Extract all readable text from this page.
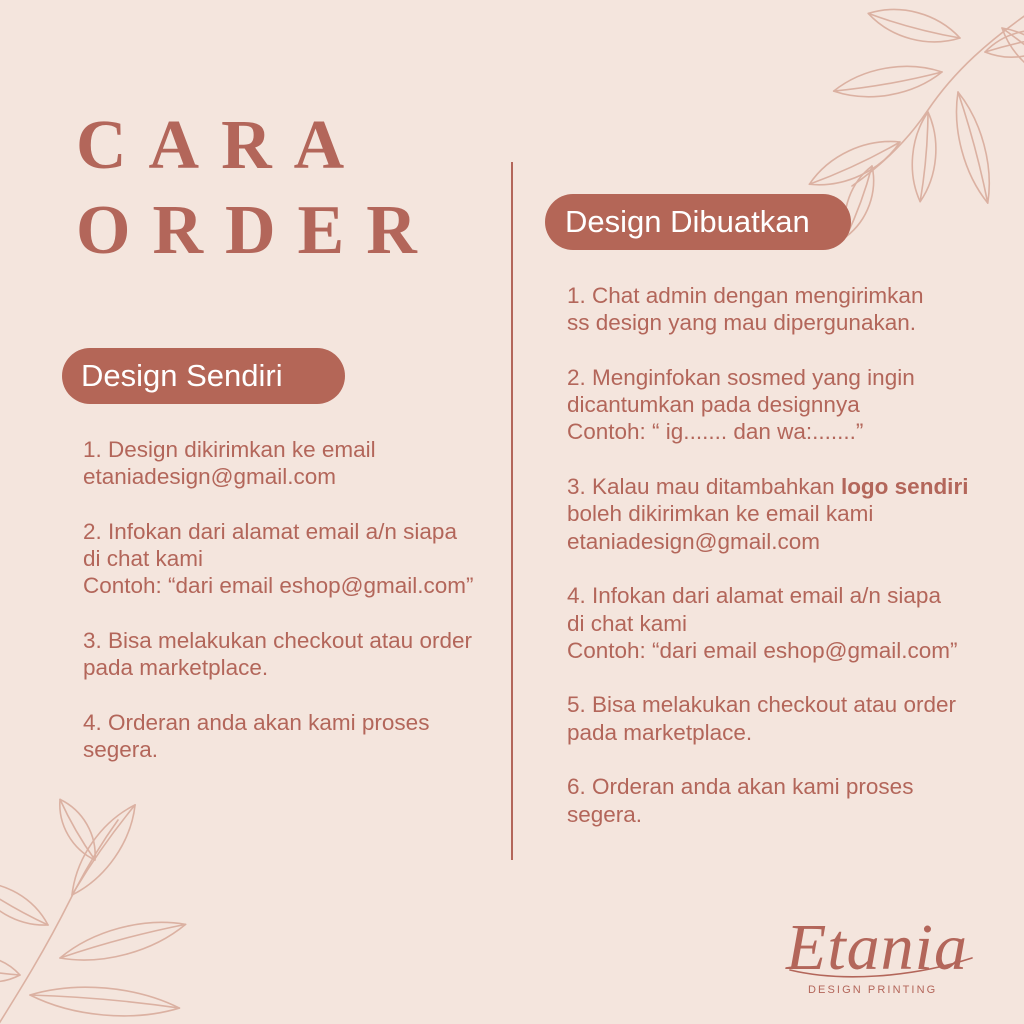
CARA
ORDER
Design Sendiri
1. Design dikirimkan ke email
etaniadesign@gmail.com
2. Infokan dari alamat email a/n siapa
di chat kami
Contoh: “dari email eshop@gmail.com”
3. Bisa melakukan checkout atau order
pada marketplace.
4. Orderan anda akan kami proses
segera.
Design Dibuatkan
1. Chat admin dengan mengirimkan
ss design yang mau dipergunakan.
2. Menginfokan sosmed yang ingin
dicantumkan pada designnya
Contoh: “ ig....... dan wa:.......”
3. Kalau mau ditambahkan logo sendiri
boleh dikirimkan ke email kami
etaniadesign@gmail.com
4. Infokan dari alamat email a/n siapa
di chat kami
Contoh: “dari email eshop@gmail.com”
5. Bisa melakukan checkout atau order
pada marketplace.
6. Orderan anda akan kami proses
segera.
Etania
DESIGN PRINTING
